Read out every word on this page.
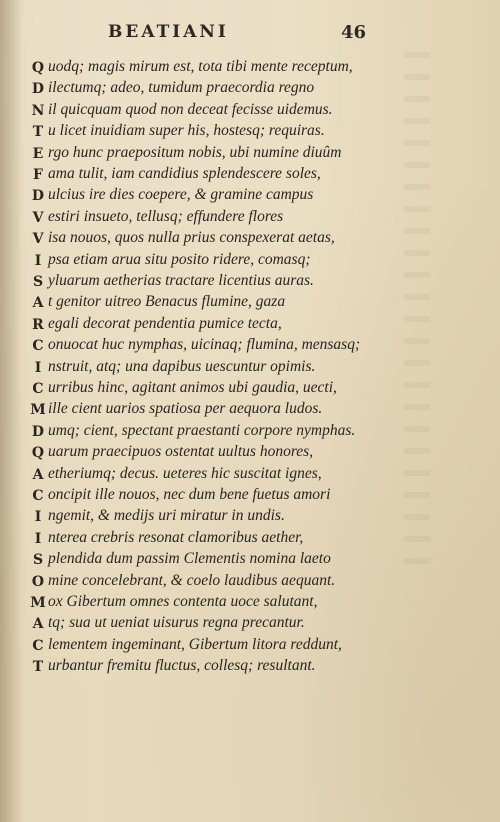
BEATIANI	46
Q uodq; magis mirum est, tota tibi mente receptum,
D ilectumq; adeo, tumidum praecordia regno
N il quicquam quod non deceat fecisse uidemus.
T u licet inuidiam super his, hostesq; requiras.
E rgo hunc praepositum nobis, ubi numine diuûm
F ama tulit, iam candidius splendescere soles,
D ulcius ire dies coepere, & gramine campus
V estiri insueto, tellusq; effundere flores
V isa nouos, quos nulla prius conspexerat aetas,
I psa etiam arua situ posito ridere, comasq;
S yluarum aetherias tractare licentius auras.
A t genitor uitreo Benacus flumine, gaza
R egali decorat pendentia pumice tecta,
C onuocat huc nymphas, uicinaq; flumina, mensasq;
I nstruit, atq; una dapibus uescuntur opimis.
C urribus hinc, agitant animos ubi gaudia, uecti,
M ille cient uarios spatiosa per aequora ludos.
D umq; cient, spectant praestanti corpore nymphas.
Q uarum praecipuos ostentat uultus honores,
A etheriumq; decus. ueteres hic suscitat ignes,
C oncipit ille nouos, nec dum bene fuetus amori
I ngemit, & medijs uri miratur in undis.
I nterea crebris resonat clamoribus aether,
S plendida dum passim Clementis nomina laeto
O mine concelebrant, & coelo laudibus aequant.
M ox Gibertum omnes contenta uoce salutant,
A tq; sua ut ueniat uisurus regna precantur.
C lementem ingeminant, Gibertum litora reddunt,
T urbantur fremitu fluctus, collesq; resultant.
